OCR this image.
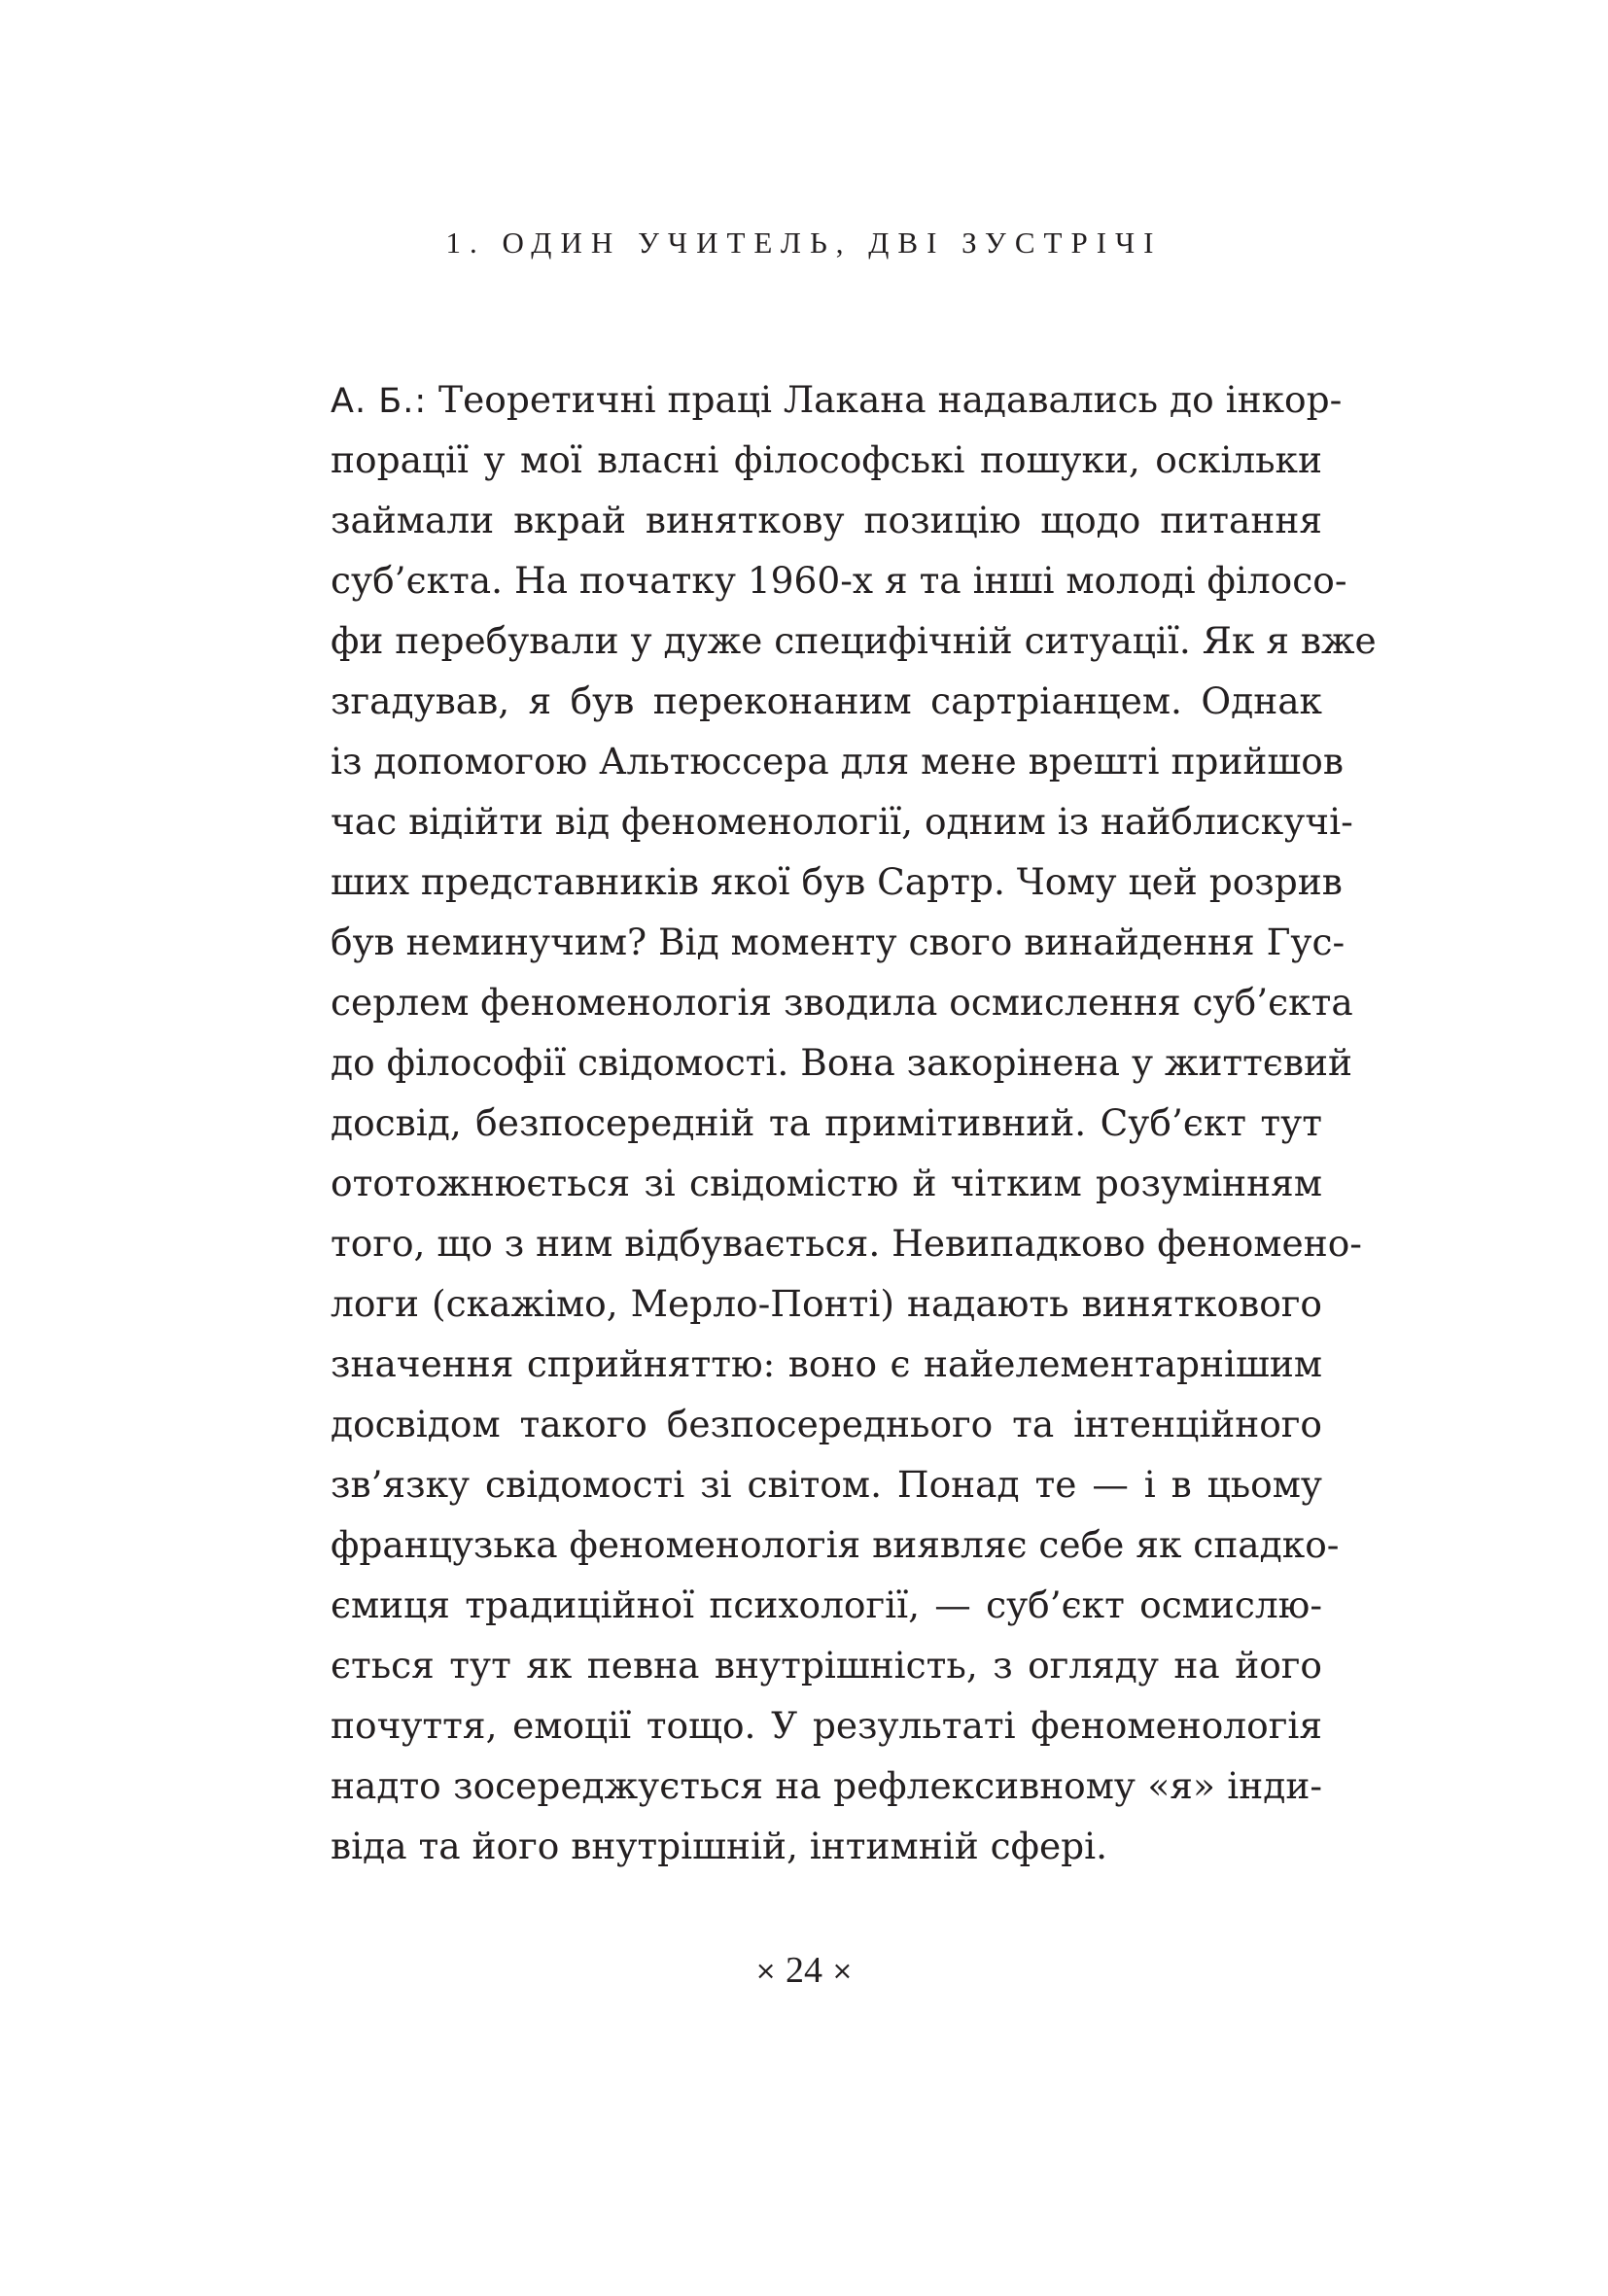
1. ОДИН УЧИТЕЛЬ, ДВІ ЗУСТРІЧІ
А. Б.: Теоретичні праці Лакана надавались до інкор-
порації у мої власні філософські пошуки, оскільки
займали вкрай виняткову позицію щодо питання
суб’єкта. На початку 1960-х я та інші молоді філосо-
фи перебували у дуже специфічній ситуації. Як я вже
згадував, я був переконаним сартріанцем. Однак
із допомогою Альтюссера для мене врешті прийшов
час відійти від феноменології, одним із найблискучі-
ших представників якої був Сартр. Чому цей розрив
був неминучим? Від моменту свого винайдення Гус-
серлем феноменологія зводила осмислення суб’єкта
до філософії свідомості. Вона закорінена у життєвий
досвід, безпосередній та примітивний. Суб’єкт тут
ототожнюється зі свідомістю й чітким розумінням
того, що з ним відбувається. Невипадково феноменo-
логи (скажімо, Мерло-Понті) надають виняткового
значення сприйняттю: воно є найелементарнішим
досвідом такого безпосереднього та інтенційного
зв’язку свідомості зі світом. Понад те — і в цьому
французька феноменологія виявляє себе як спадко-
ємиця традиційної психології, — суб’єкт осмислю-
ється тут як певна внутрішність, з огляду на його
почуття, емоції тощо. У результаті феноменологія
надто зосереджується на рефлексивному «я» інди-
віда та його внутрішній, інтимній сфері.
× 24 ×
